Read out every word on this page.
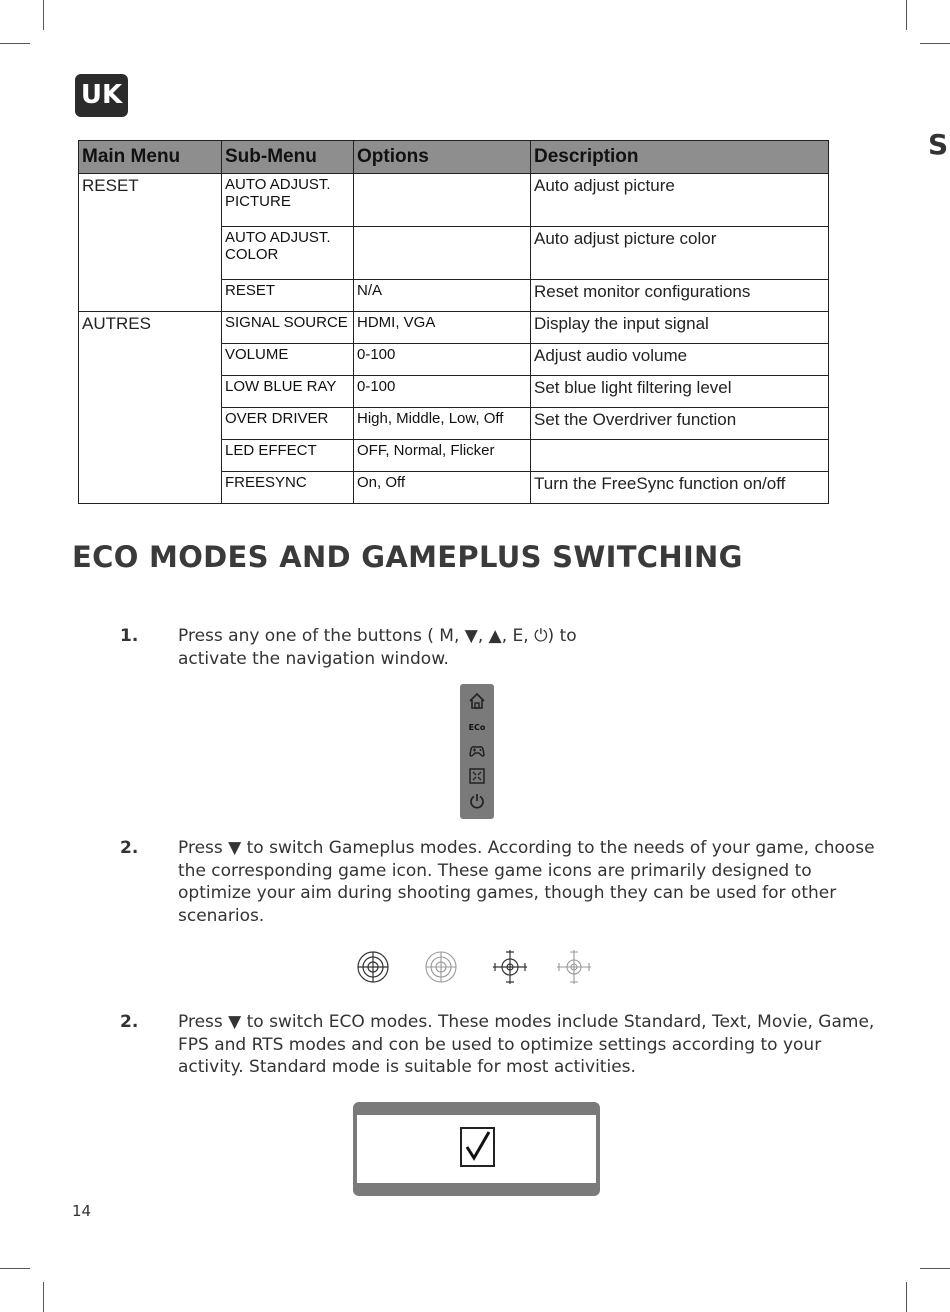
UK
S
Main Menu	Sub-Menu	Options	Description
RESET	AUTO ADJUST. PICTURE		Auto adjust picture
	AUTO ADJUST. COLOR		Auto adjust picture color
	RESET	N/A	Reset monitor configurations
AUTRES	SIGNAL SOURCE	HDMI, VGA	Display the input signal
	VOLUME	0-100	Adjust audio volume
	LOW BLUE RAY	0-100	Set blue light filtering level
	OVER DRIVER	High, Middle, Low, Off	Set the Overdriver function
	LED EFFECT	OFF, Normal, Flicker	
	FREESYNC	On, Off	Turn the FreeSync function on/off
ECO MODES AND GAMEPLUS SWITCHING
1. Press any one of the buttons ( M, ▼, ▲, E, ⏻) to activate the navigation window.
ECo
2. Press ▼ to switch Gameplus modes. According to the needs of your game, choose the corresponding game icon. These game icons are primarily designed to optimize your aim during shooting games, though they can be used for other scenarios.
2. Press ▼ to switch ECO modes. These modes include Standard, Text, Movie, Game, FPS and RTS modes and con be used to optimize settings according to your activity. Standard mode is suitable for most activities.
14
